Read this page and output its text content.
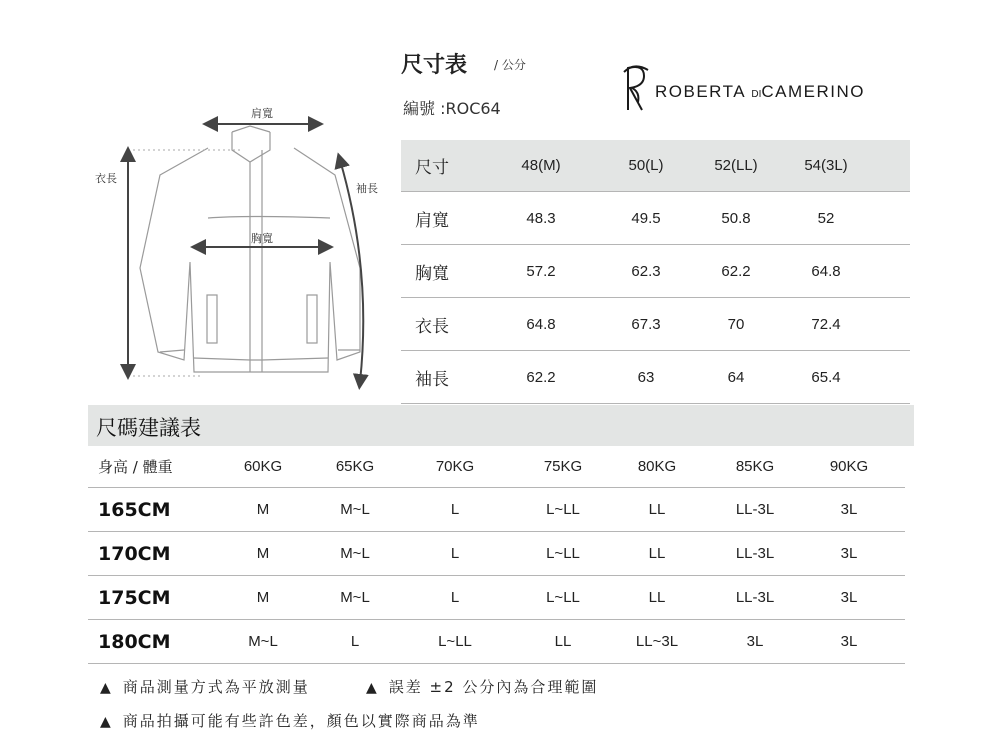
肩寬
胸寬
衣長
袖長
尺寸表 / 公分
編號 :ROC64
ROBERTA DICAMERINO
尺寸	48(M)	50(L)	52(LL)	54(3L)
肩寬	48.3	49.5	50.8	52
胸寬	57.2	62.3	62.2	64.8
衣長	64.8	67.3	70	72.4
袖長	62.2	63	64	65.4
尺碼建議表
身高 / 體重	60KG	65KG	70KG	75KG	80KG	85KG	90KG
165CM	M	M~L	L	L~LL	LL	LL-3L	3L
170CM	M	M~L	L	L~LL	LL	LL-3L	3L
175CM	M	M~L	L	L~LL	LL	LL-3L	3L
180CM	M~L	L	L~LL	LL	LL~3L	3L	3L
▲ 商品測量方式為平放測量	▲ 誤差 ±2 公分內為合理範圍
▲ 商品拍攝可能有些許色差，顏色以實際商品為準
